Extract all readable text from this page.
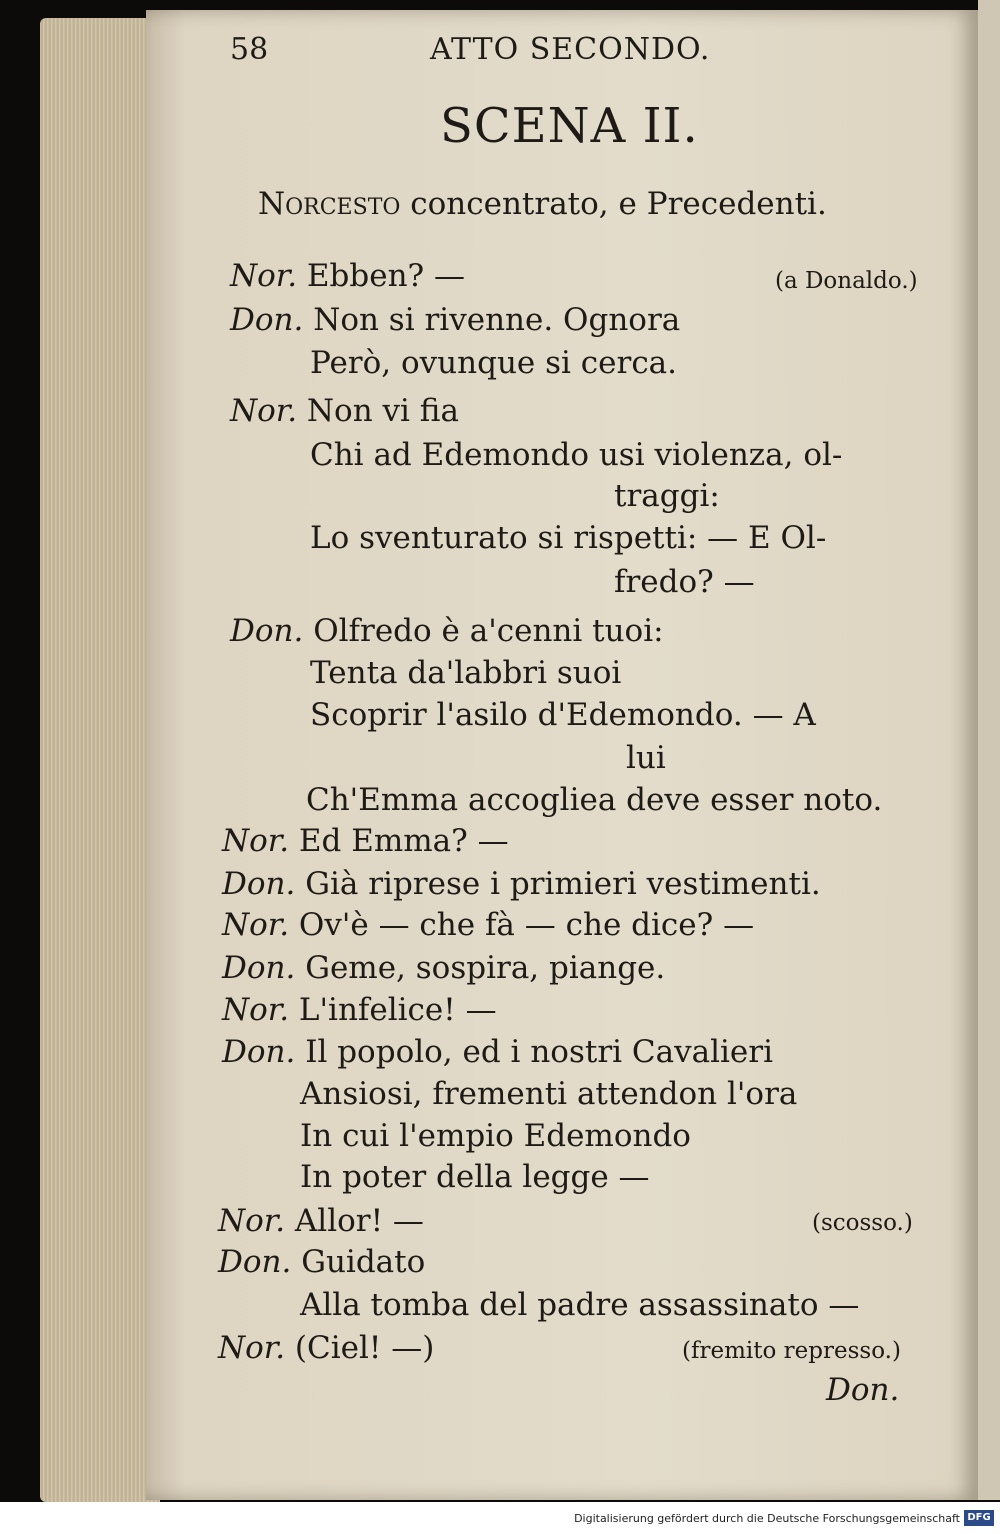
58	ATTO SECONDO.
SCENA II.
Norcesto concentrato, e Precedenti.
Nor. Ebben? —	(a Donaldo.)
Don. Non si rivenne. Ognora
Però, ovunque si cerca.
Nor. Non vi fia
Chi ad Edemondo usi violenza, ol-
traggi:
Lo sventurato si rispetti: — E Ol-
fredo? —
Don. Olfredo è a'cenni tuoi:
Tenta da'labbri suoi
Scoprir l'asilo d'Edemondo. — A
lui
Ch'Emma accogliea deve esser noto.
Nor. Ed Emma? —
Don. Già riprese i primieri vestimenti.
Nor. Ov'è — che fà — che dice? —
Don. Geme, sospira, piange.
Nor. L'infelice! —
Don. Il popolo, ed i nostri Cavalieri
Ansiosi, frementi attendon l'ora
In cui l'empio Edemondo
In poter della legge —
Nor. Allor! —	(scosso.)
Don. Guidato
Alla tomba del padre assassinato —
Nor. (Ciel! —)	(fremito represso.)
Don.
Digitalisierung gefördert durch die Deutsche Forschungsgemeinschaft DFG
